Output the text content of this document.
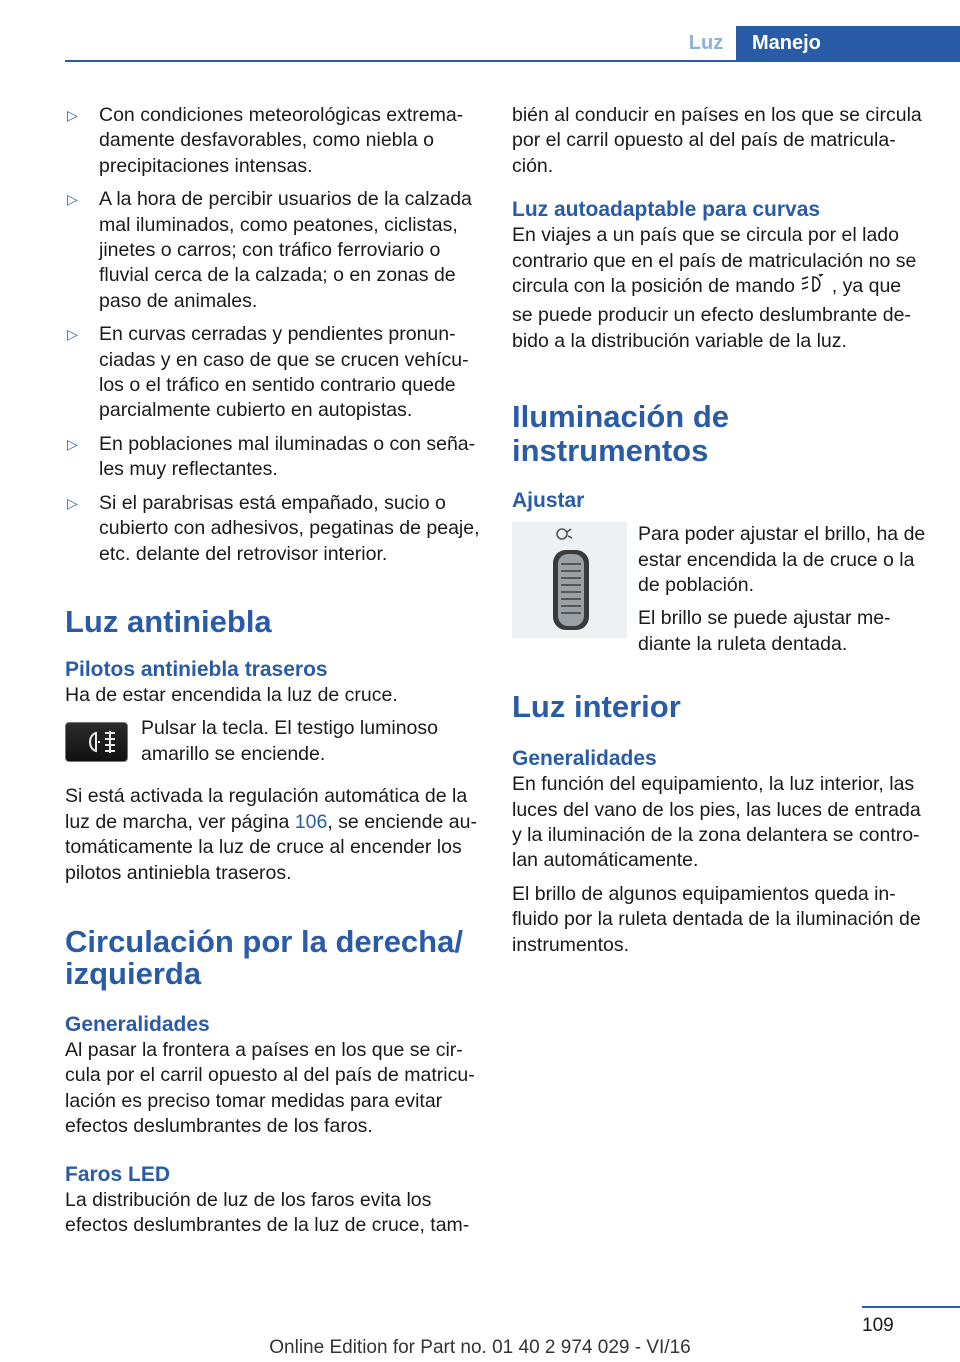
Luz	Manejo
▷ Con condiciones meteorológicas extrema-damente desfavorables, como niebla o precipitaciones intensas.
▷ A la hora de percibir usuarios de la calzada mal iluminados, como peatones, ciclistas, jinetes o carros; con tráfico ferroviario o fluvial cerca de la calzada; o en zonas de paso de animales.
▷ En curvas cerradas y pendientes pronun-ciadas y en caso de que se crucen vehícu-los o el tráfico en sentido contrario quede parcialmente cubierto en autopistas.
▷ En poblaciones mal iluminadas o con seña-les muy reflectantes.
▷ Si el parabrisas está empañado, sucio o cubierto con adhesivos, pegatinas de peaje, etc. delante del retrovisor interior.
Luz antiniebla
Pilotos antiniebla traseros

Ha de estar encendida la luz de cruce.

Pulsar la tecla. El testigo luminoso amarillo se enciende.

Si está activada la regulación automática de la luz de marcha, ver página 106, se enciende au-tomáticamente la luz de cruce al encender los pilotos antiniebla traseros.

Circulación por la derecha/ izquierda
Generalidades

Al pasar la frontera a países en los que se cir-cula por el carril opuesto al del país de matricu-lación es preciso tomar medidas para evitar efectos deslumbrantes de los faros.

Faros LED

La distribución de luz de los faros evita los efectos deslumbrantes de la luz de cruce, tam-

bién al conducir en países en los que se circula por el carril opuesto al del país de matricula-ción.

Luz autoadaptable para curvas

En viajes a un país que se circula por el lado contrario que en el país de matriculación no se circula con la posición de mando  , ya que se puede producir un efecto deslumbrante de-bido a la distribución variable de la luz.

Iluminación de instrumentos
Ajustar

Para poder ajustar el brillo, ha de estar encendida la de cruce o la de población.

El brillo se puede ajustar me-diante la ruleta dentada.

Luz interior
Generalidades

En función del equipamiento, la luz interior, las luces del vano de los pies, las luces de entrada y la iluminación de la zona delantera se contro-lan automáticamente.

El brillo de algunos equipamientos queda in-fluido por la ruleta dentada de la iluminación de instrumentos.

109
Online Edition for Part no. 01 40 2 974 029 - VI/16
